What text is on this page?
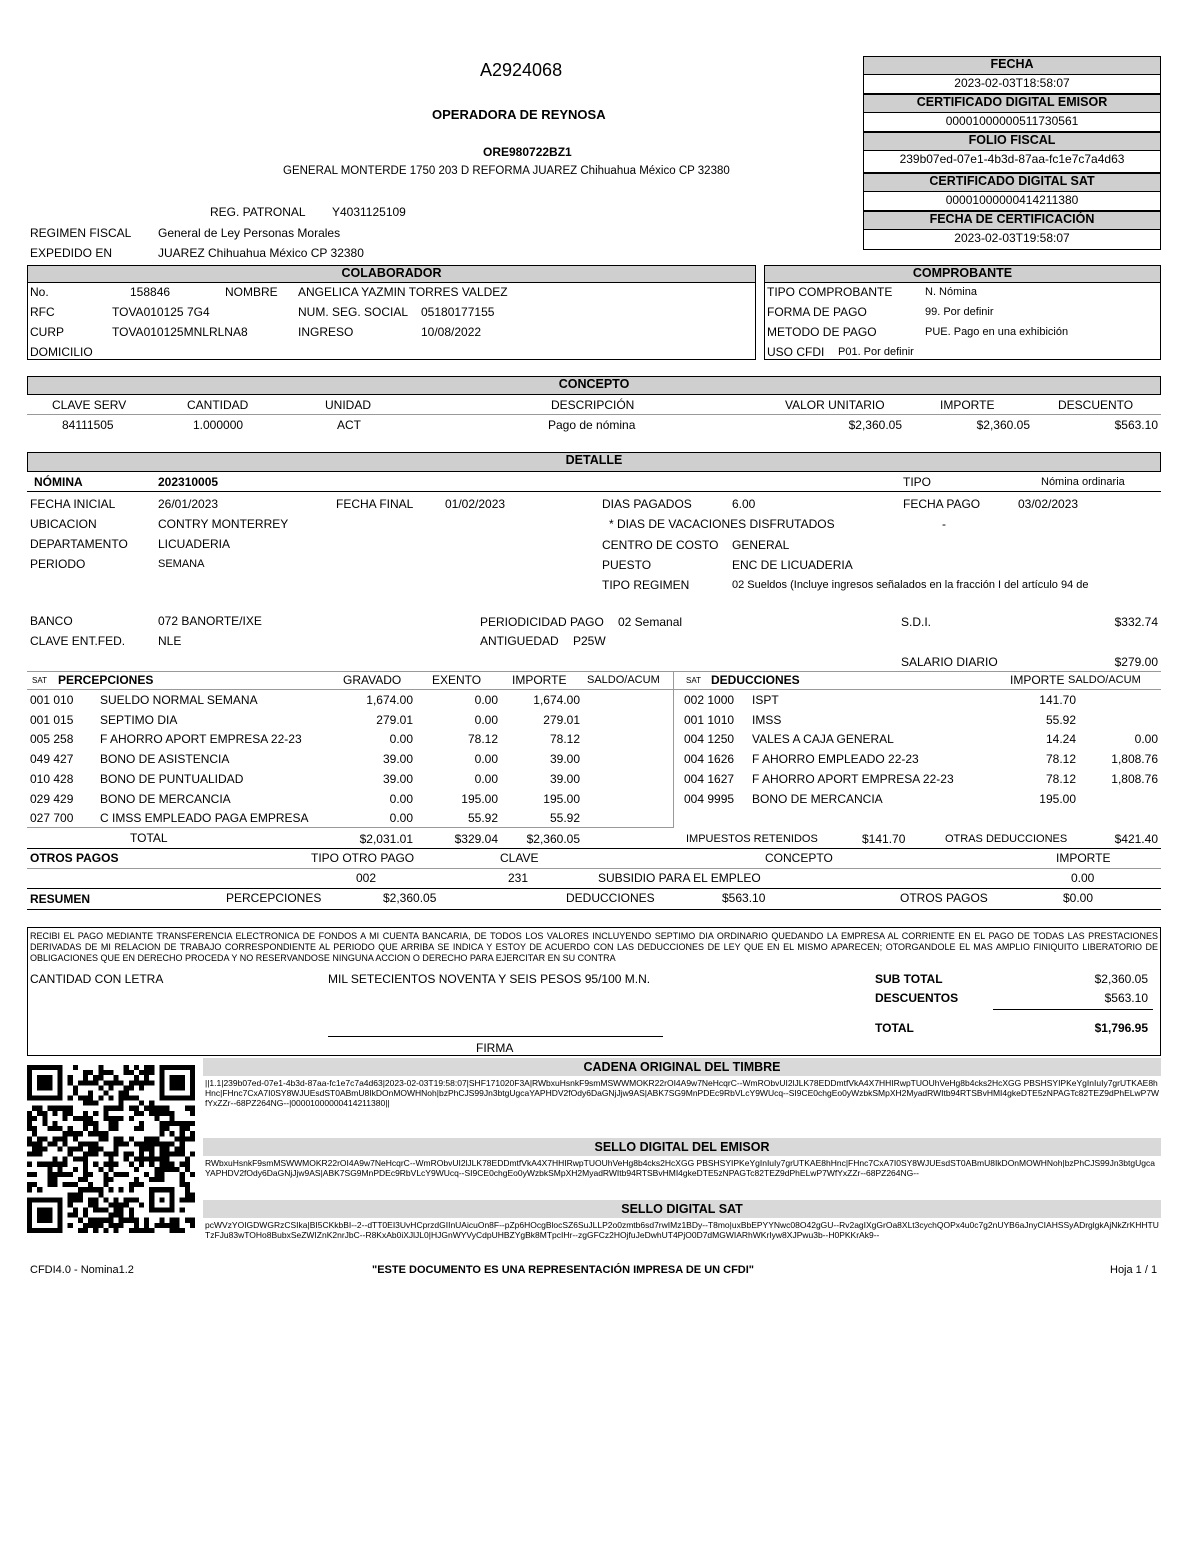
A2924068
OPERADORA DE REYNOSA
ORE980722BZ1
GENERAL MONTERDE 1750 203 D REFORMA JUAREZ Chihuahua México CP 32380
REG. PATRONAL Y4031125109
REGIMEN FISCAL General de Ley Personas Morales
EXPEDIDO EN	JUAREZ Chihuahua México CP 32380
FECHA
2023-02-03T18:58:07
CERTIFICADO DIGITAL EMISOR
00001000000511730561
FOLIO FISCAL
239b07ed-07e1-4b3d-87aa-fc1e7c7a4d63
CERTIFICADO DIGITAL SAT
00001000000414211380
FECHA DE CERTIFICACIÓN
2023-02-03T19:58:07
COLABORADOR
No.	158846	NOMBRE ANGELICA YAZMIN TORRES VALDEZ
RFC	TOVA010125 7G4	NUM. SEG. SOCIAL 05180177155
CURP	TOVA010125MNLRLNA8	INGRESO	10/08/2022
DOMICILIO
COMPROBANTE
TIPO COMPROBANTE	N. Nómina
FORMA DE PAGO	99. Por definir
METODO DE PAGO	PUE. Pago en una exhibición
USO CFDI P01. Por definir
CONCEPTO
CLAVE SERV	CANTIDAD	UNIDAD	DESCRIPCIÓN	VALOR UNITARIO	IMPORTE	DESCUENTO
84111505	1.000000	ACT	Pago de nómina	$2,360.05	$2,360.05	$563.10
DETALLE
NÓMINA	202310005	TIPO	Nómina ordinaria
FECHA INICIAL	26/01/2023	FECHA FINAL	01/02/2023	DIAS PAGADOS	6.00	FECHA PAGO	03/02/2023
UBICACION	CONTRY MONTERREY	* DIAS DE VACACIONES DISFRUTADOS	-
DEPARTAMENTO	LICUADERIA	CENTRO DE COSTO GENERAL
PERIODO	SEMANA	PUESTO	ENC DE LICUADERIA
TIPO REGIMEN	02 Sueldos (Incluye ingresos señalados en la fracción I del artículo 94 de
BANCO	072 BANORTE/IXE	PERIODICIDAD PAGO 02 Semanal	S.D.I.	$332.74
CLAVE ENT.FED.	NLE	ANTIGUEDAD P25W
SALARIO DIARIO	$279.00
SAT PERCEPCIONES	GRAVADO	EXENTO	IMPORTE SALDO/ACUM
001 010 SUELDO NORMAL SEMANA	1,674.00	0.00	1,674.00
001 015 SEPTIMO DIA	279.01	0.00	279.01
005 258 F AHORRO APORT EMPRESA 22-23	0.00	78.12	78.12
049 427 BONO DE ASISTENCIA	39.00	0.00	39.00
010 428 BONO DE PUNTUALIDAD	39.00	0.00	39.00
029 429 BONO DE MERCANCIA	0.00	195.00	195.00
027 700 C IMSS EMPLEADO PAGA EMPRESA	0.00	55.92	55.92
TOTAL	$2,031.01	$329.04	$2,360.05
SAT DEDUCCIONES	IMPORTE SALDO/ACUM
002 1000 ISPT	141.70
001 1010 IMSS	55.92
004 1250 VALES A CAJA GENERAL	14.24	0.00
004 1626 F AHORRO EMPLEADO 22-23	78.12	1,808.76
004 1627 F AHORRO APORT EMPRESA 22-23	78.12	1,808.76
004 9995 BONO DE MERCANCIA	195.00
IMPUESTOS RETENIDOS	$141.70	OTRAS DEDUCCIONES	$421.40
OTROS PAGOS	TIPO OTRO PAGO	CLAVE	CONCEPTO	IMPORTE
002	231	SUBSIDIO PARA EL EMPLEO	0.00
RESUMEN	PERCEPCIONES	$2,360.05	DEDUCCIONES	$563.10	OTROS PAGOS	$0.00
RECIBI EL PAGO MEDIANTE TRANSFERENCIA ELECTRONICA DE FONDOS A MI CUENTA BANCARIA, DE TODOS LOS VALORES INCLUYENDO SEPTIMO DIA ORDINARIO QUEDANDO LA EMPRESA AL CORRIENTE EN EL PAGO DE TODAS LAS PRESTACIONES DERIVADAS DE MI RELACION DE TRABAJO CORRESPONDIENTE AL PERIODO QUE ARRIBA SE INDICA Y ESTOY DE ACUERDO CON LAS DEDUCCIONES DE LEY QUE EN EL MISMO APARECEN; OTORGANDOLE EL MAS AMPLIO FINIQUITO LIBERATORIO DE OBLIGACIONES QUE EN DERECHO PROCEDA Y NO RESERVANDOSE NINGUNA ACCION O DERECHO PARA EJERCITAR EN SU CONTRA
CANTIDAD CON LETRA	MIL SETECIENTOS NOVENTA Y SEIS PESOS 95/100 M.N.	SUB TOTAL	$2,360.05
DESCUENTOS	$563.10
TOTAL	$1,796.95
FIRMA
CADENA ORIGINAL DEL TIMBRE
||1.1|239b07ed-07e1-4b3d-87aa-fc1e7c7a4d63|2023-02-03T19:58:07|SHF171020F3A|RWbxuHsnkF9smMSWWMOKR22rOI4A9w7NeHcqrC--WmRObvUI2lJLK78EDDmtfVkA4X7HHIRwpTUOUhVeHg8b4cks2HcXGG PBSHSYIPKeYgInIuIy7grUTKAE8hHnc|FHnc7CxA7I0SY8WJUEsdST0ABmU8IkDOnMOWHNoh|bzPhCJS99Jn3btgUgcaYAPHDV2fOdy6DaGNjJjw9AS|ABK7SG9MnPDEc9RbVLcY9WUcq--SI9CE0chgEo0yWzbkSMpXH2MyadRWItb94RTSBvHMI4gkeDTE5zNPAGTc82TEZ9dPhELwP7WfYxZZr--68PZ264NG--|00001000000414211380||
SELLO DIGITAL DEL EMISOR
RWbxuHsnkF9smMSWWMOKR22rOI4A9w7NeHcqrC--WmRObvUI2lJLK78EDDmtfVkA4X7HHIRwpTUOUhVeHg8b4cks2HcXGG PBSHSYIPKeYgInIuIy7grUTKAE8hHnc|FHnc7CxA7I0SY8WJUEsdST0ABmU8IkDOnMOWHNoh|bzPhCJS99Jn3btgUgcaYAPHDV2fOdy6DaGNjJjw9AS|ABK7SG9MnPDEc9RbVLcY9WUcq--SI9CE0chgEo0yWzbkSMpXH2MyadRWItb94RTSBvHMI4gkeDTE5zNPAGTc82TEZ9dPhELwP7WfYxZZr--68PZ264NG--
SELLO DIGITAL SAT
pcWVzYOIGDWGRzCSIka|BI5CKkbBI--2--dTT0EI3UvHCprzdGIInUAicuOn8F--pZp6HOcgBlocSZ6SuJLLP2o0zmtb6sd7rwIMz1BDy--T8mo|uxBbEPYYNwc08O42gGU--Rv2agIXgGrOa8XLt3cychQOPx4u0c7g2nUYB6aJnyCIAHSSyADrglgkAjNkZrKHHTUTzFJu83wTOHo8BubxSeZWIZnK2nrJbC--R8KxAb0iXJlJL0|HJGnWYVyCdpUHBZYgBk8MTpcIHr--zgGFCz2HOjfuJeDwhUT4PjO0D7dMGWIARhWKrIyw8XJPwu3b--H0PKKrAk9--
CFDI4.0 - Nomina1.2	"ESTE DOCUMENTO ES UNA REPRESENTACIÓN IMPRESA DE UN CFDI"	Hoja 1 / 1
